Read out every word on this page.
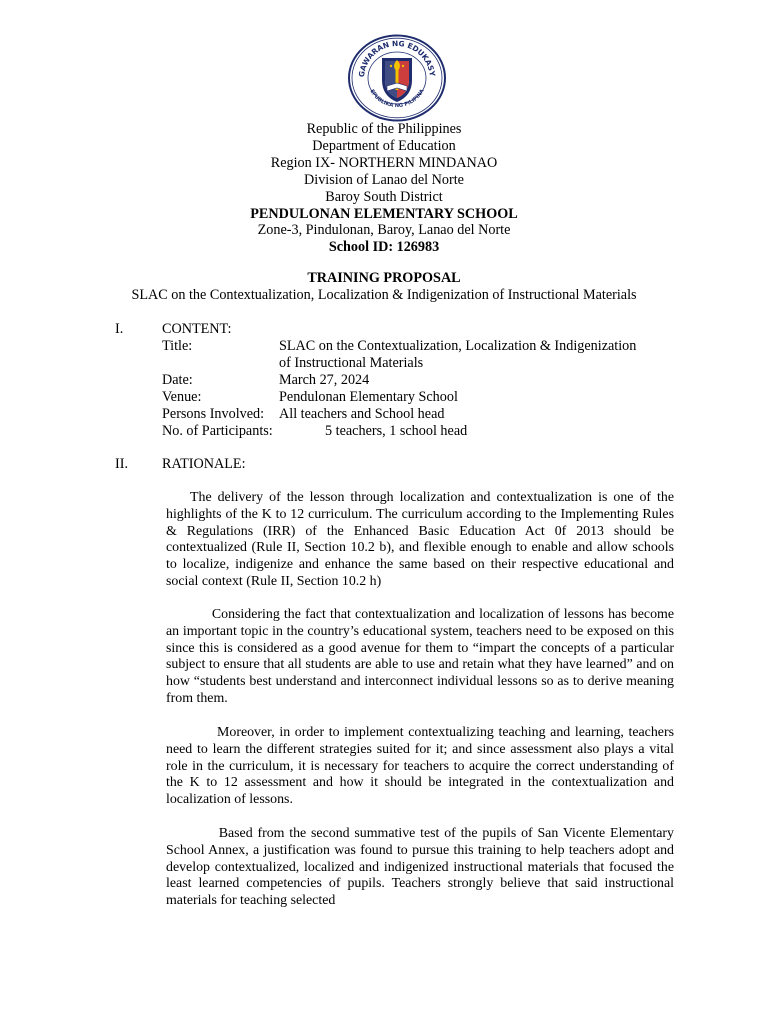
GAWARAN NG EDUKASY
EPUBLIKA NG PILIPINA
Republic of the Philippines
Department of Education
Region IX- NORTHERN MINDANAO
Division of Lanao del Norte
Baroy South District
PENDULONAN ELEMENTARY SCHOOL
Zone-3, Pindulonan, Baroy, Lanao del Norte
School ID: 126983
TRAINING PROPOSAL
SLAC on the Contextualization, Localization & Indigenization of Instructional Materials
I.	CONTENT:
Title:	SLAC on the Contextualization, Localization & Indigenization
of Instructional Materials
Date:	March 27, 2024
Venue:	Pendulonan Elementary School
Persons Involved: All teachers and School head
No. of Participants:	5 teachers, 1 school head
II. RATIONALE:

The delivery of the lesson through localization and contextualization is one of the highlights of the K to 12 curriculum. The curriculum according to the Implementing Rules & Regulations (IRR) of the Enhanced Basic Education Act 0f 2013 should be contextualized (Rule II, Section 10.2 b), and flexible enough to enable and allow schools to localize, indigenize and enhance the same based on their respective educational and social context (Rule II, Section 10.2 h)

Considering the fact that contextualization and localization of lessons has become an important topic in the country’s educational system, teachers need to be exposed on this since this is considered as a good avenue for them to “impart the concepts of a particular subject to ensure that all students are able to use and retain what they have learned” and on how “students best understand and interconnect individual lessons so as to derive meaning from them.

Moreover, in order to implement contextualizing teaching and learning, teachers need to learn the different strategies suited for it; and since assessment also plays a vital role in the curriculum, it is necessary for teachers to acquire the correct understanding of the K to 12 assessment and how it should be integrated in the contextualization and localization of lessons.

Based from the second summative test of the pupils of San Vicente Elementary School Annex, a justification was found to pursue this training to help teachers adopt and develop contextualized, localized and indigenized instructional materials that focused the least learned competencies of pupils. Teachers strongly believe that said instructional materials for teaching selected
